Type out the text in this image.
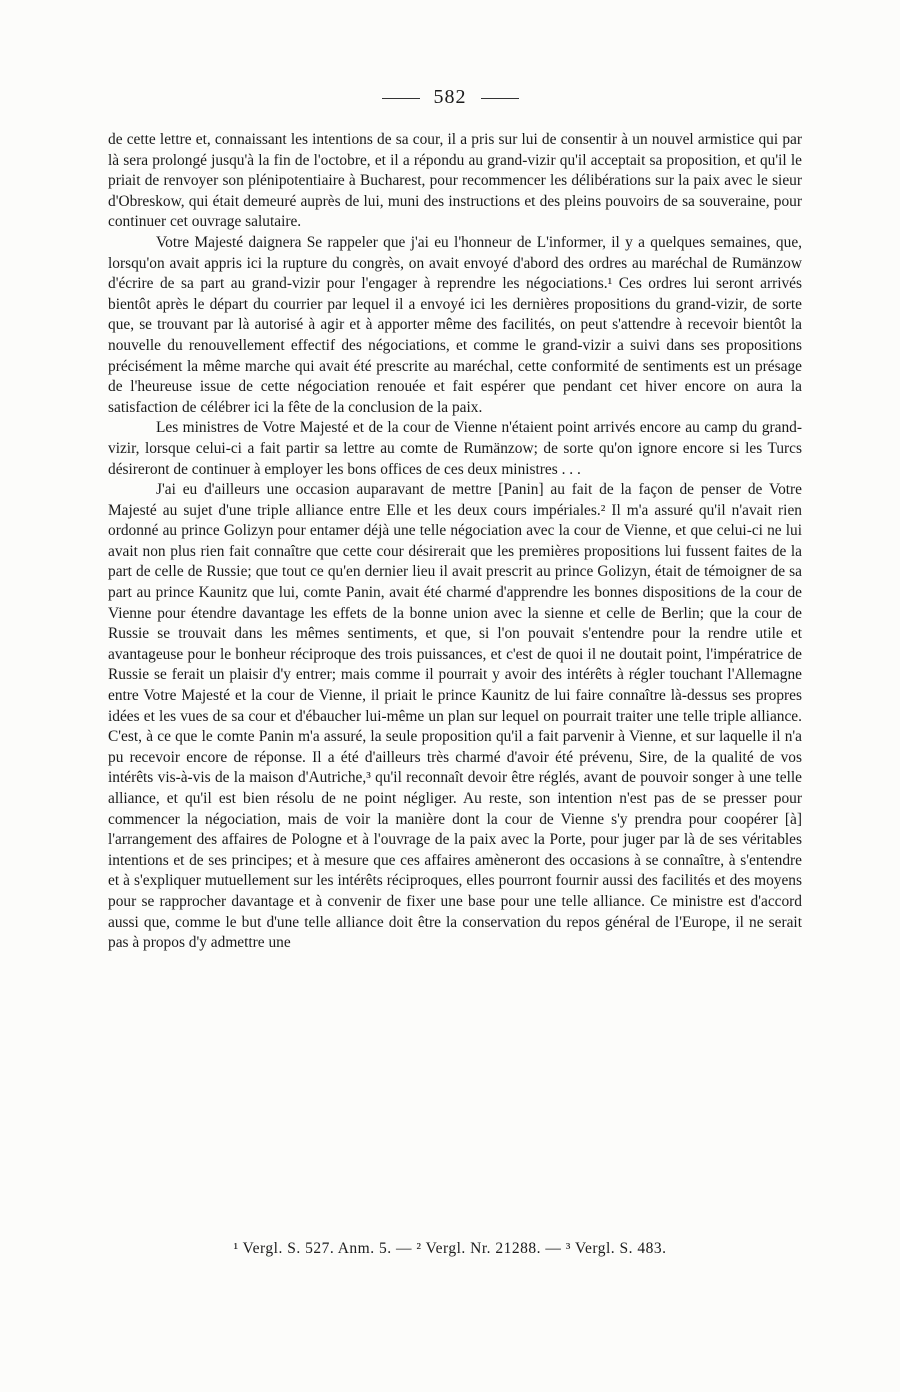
582

de cette lettre et, connaissant les intentions de sa cour, il a pris sur lui de consentir à un nouvel armistice qui par là sera prolongé jusqu'à la fin de l'octobre, et il a répondu au grand-vizir qu'il acceptait sa proposition, et qu'il le priait de renvoyer son plénipotentiaire à Bucharest, pour recommencer les délibérations sur la paix avec le sieur d'Obreskow, qui était demeuré auprès de lui, muni des instructions et des pleins pouvoirs de sa souveraine, pour continuer cet ouvrage salutaire.

Votre Majesté daignera Se rappeler que j'ai eu l'honneur de L'informer, il y a quelques semaines, que, lorsqu'on avait appris ici la rupture du congrès, on avait envoyé d'abord des ordres au maréchal de Rumänzow d'écrire de sa part au grand-vizir pour l'engager à reprendre les négociations.¹ Ces ordres lui seront arrivés bientôt après le départ du courrier par lequel il a envoyé ici les dernières propositions du grand-vizir, de sorte que, se trouvant par là autorisé à agir et à apporter même des facilités, on peut s'attendre à recevoir bientôt la nouvelle du renouvellement effectif des négociations, et comme le grand-vizir a suivi dans ses propositions précisément la même marche qui avait été prescrite au maréchal, cette conformité de sentiments est un présage de l'heureuse issue de cette négociation renouée et fait espérer que pendant cet hiver encore on aura la satisfaction de célébrer ici la fête de la conclusion de la paix.

Les ministres de Votre Majesté et de la cour de Vienne n'étaient point arrivés encore au camp du grand-vizir, lorsque celui-ci a fait partir sa lettre au comte de Rumänzow; de sorte qu'on ignore encore si les Turcs désireront de continuer à employer les bons offices de ces deux ministres . . .

J'ai eu d'ailleurs une occasion auparavant de mettre [Panin] au fait de la façon de penser de Votre Majesté au sujet d'une triple alliance entre Elle et les deux cours impériales.² Il m'a assuré qu'il n'avait rien ordonné au prince Golizyn pour entamer déjà une telle négociation avec la cour de Vienne, et que celui-ci ne lui avait non plus rien fait connaître que cette cour désirerait que les premières propositions lui fussent faites de la part de celle de Russie; que tout ce qu'en dernier lieu il avait prescrit au prince Golizyn, était de témoigner de sa part au prince Kaunitz que lui, comte Panin, avait été charmé d'apprendre les bonnes dispositions de la cour de Vienne pour étendre davantage les effets de la bonne union avec la sienne et celle de Berlin; que la cour de Russie se trouvait dans les mêmes sentiments, et que, si l'on pouvait s'entendre pour la rendre utile et avantageuse pour le bonheur réciproque des trois puissances, et c'est de quoi il ne doutait point, l'impératrice de Russie se ferait un plaisir d'y entrer; mais comme il pourrait y avoir des intérêts à régler touchant l'Allemagne entre Votre Majesté et la cour de Vienne, il priait le prince Kaunitz de lui faire connaître là-dessus ses propres idées et les vues de sa cour et d'ébaucher lui-même un plan sur lequel on pourrait traiter une telle triple alliance. C'est, à ce que le comte Panin m'a assuré, la seule proposition qu'il a fait parvenir à Vienne, et sur laquelle il n'a pu recevoir encore de réponse. Il a été d'ailleurs très charmé d'avoir été prévenu, Sire, de la qualité de vos intérêts vis-à-vis de la maison d'Autriche,³ qu'il reconnaît devoir être réglés, avant de pouvoir songer à une telle alliance, et qu'il est bien résolu de ne point négliger. Au reste, son intention n'est pas de se presser pour commencer la négociation, mais de voir la manière dont la cour de Vienne s'y prendra pour coopérer [à] l'arrangement des affaires de Pologne et à l'ouvrage de la paix avec la Porte, pour juger par là de ses véritables intentions et de ses principes; et à mesure que ces affaires amèneront des occasions à se connaître, à s'entendre et à s'expliquer mutuellement sur les intérêts réciproques, elles pourront fournir aussi des facilités et des moyens pour se rapprocher davantage et à convenir de fixer une base pour une telle alliance. Ce ministre est d'accord aussi que, comme le but d'une telle alliance doit être la conservation du repos général de l'Europe, il ne serait pas à propos d'y admettre une

¹ Vergl. S. 527. Anm. 5. — ² Vergl. Nr. 21288. — ³ Vergl. S. 483.
